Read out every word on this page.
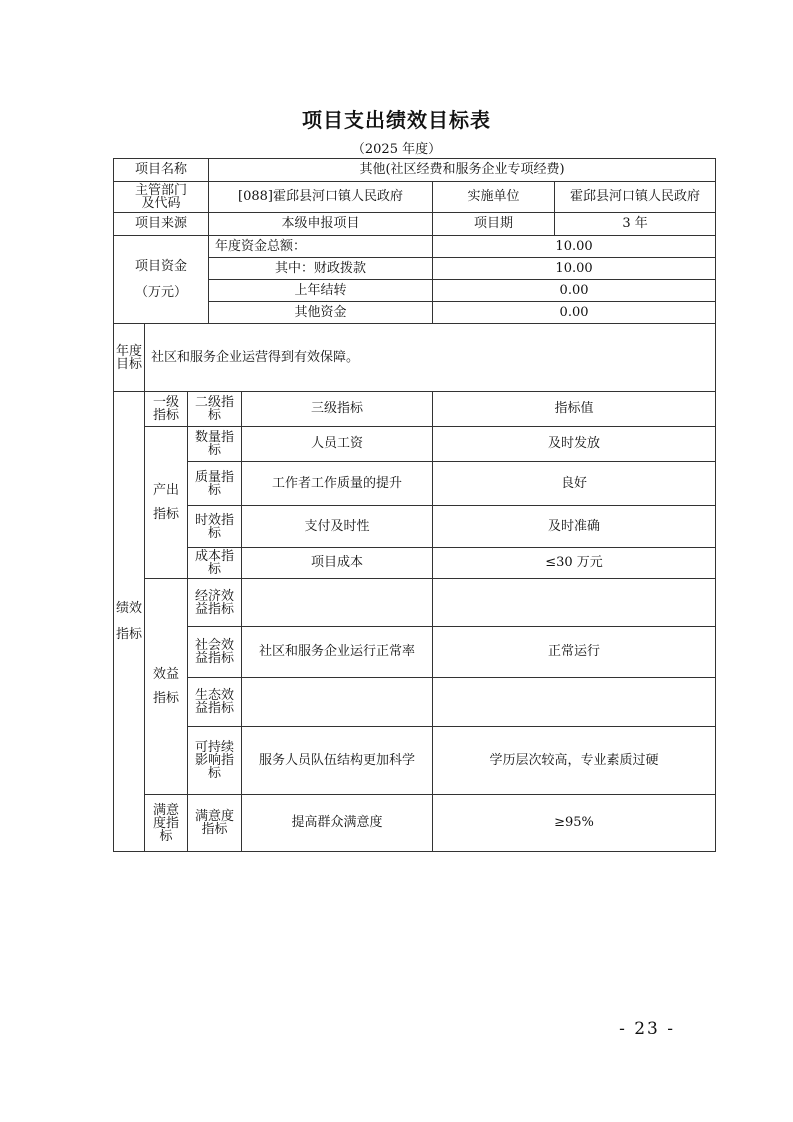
项目支出绩效目标表
（2025 年度）
项目名称			其他(社区经费和服务企业专项经费)			
主管部门
及代码			[088]霍邱县河口镇人民政府		实施单位	霍邱县河口镇人民政府
项目来源			本级申报项目		项目期	3 年
项目资金
（万元）			年度资金总额：		10.00	
			其中：财政拨款		10.00	
			上年结转		0.00	
			其他资金		0.00	
年度目标	社区和服务企业运营得到有效保障。					
绩效指标	一级指标	二级指标		三级指标	指标值	
	产出指标	数量指标		人员工资	及时发放	
		质量指标		工作者工作质量的提升	良好	
		时效指标		支付及时性	及时准确	
		成本指标		项目成本	≤30 万元	
	效益指标	经济效益指标				
		社会效益指标		社区和服务企业运行正常率	正常运行	
		生态效益指标				
		可持续影响指标		服务人员队伍结构更加科学	学历层次较高，专业素质过硬	
	满意度指标	满意度指标		提高群众满意度	≥95%	
- 23 -
